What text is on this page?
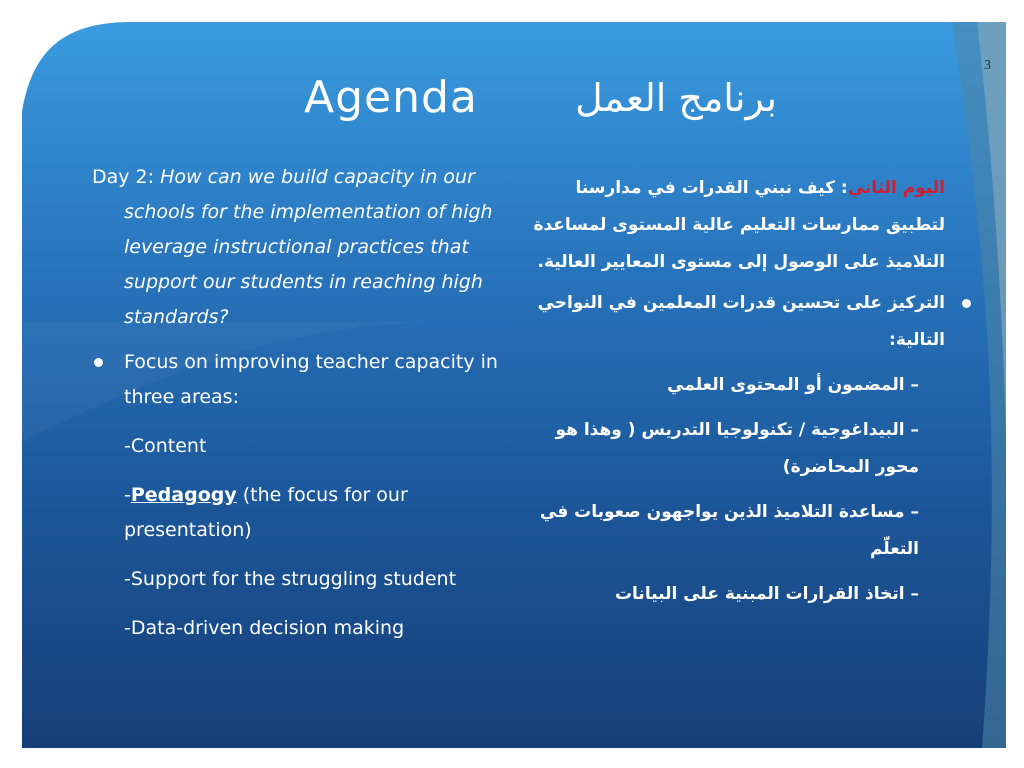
3
Agenda	برنامج العمل
Day 2: How can we build capacity in our schools for the implementation of high leverage instructional practices that support our students in reaching high standards?
Focus on improving teacher capacity in three areas:
-Content
-Pedagogy (the focus for our presentation)
-Support for the struggling student
-Data-driven decision making
اليوم الثاني: كيف نبني القدرات في مدارسنا لتطبيق ممارسات التعليم عالية المستوى لمساعدة التلاميذ على الوصول إلى مستوى المعايير العالية.
التركيز على تحسين قدرات المعلمين في النواحي التالية:
– المضمون أو المحتوى العلمي
– البيداغوجية / تكنولوجيا التدريس ( وهذا هو محور المحاضرة)
– مساعدة التلاميذ الذين يواجهون صعوبات في التعلّم
– اتخاذ القرارات المبنية على البيانات
